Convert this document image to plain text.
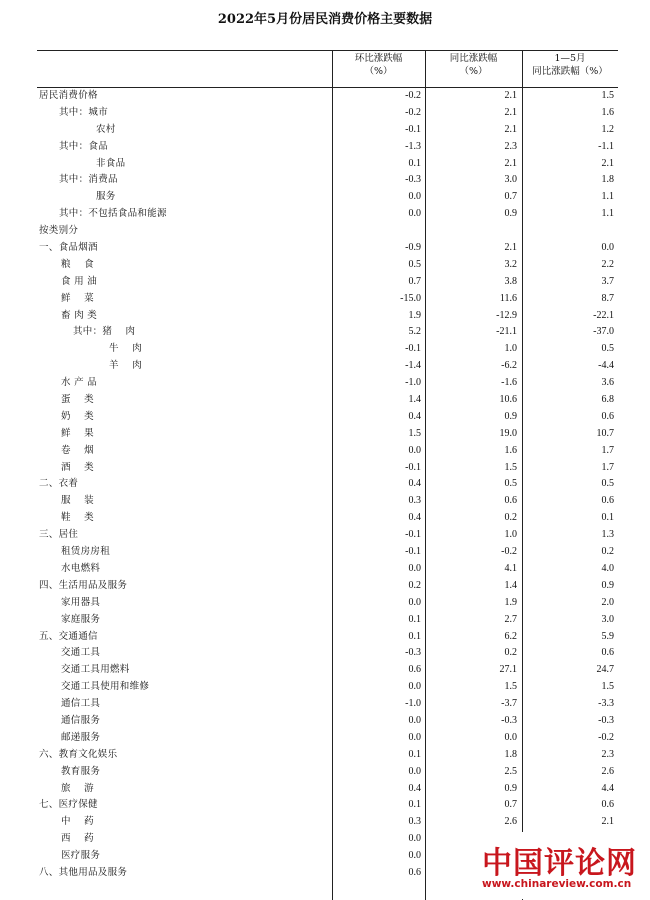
2022年5月份居民消费价格主要数据
环比涨跌幅
（%）
同比涨跌幅
（%）
1—5月
同比涨跌幅（%）
居民消费价格	-0.2	2.1	1.5
其中：城市	-0.2	2.1	1.6
农村	-0.1	2.1	1.2
其中：食品	-1.3	2.3	-1.1
非食品	0.1	2.1	2.1
其中：消费品	-0.3	3.0	1.8
服务	0.0	0.7	1.1
其中：不包括食品和能源	0.0	0.9	1.1
按类别分
一、食品烟酒	-0.9	2.1	0.0
粮    食	0.5	3.2	2.2
食 用 油	0.7	3.8	3.7
鲜    菜	-15.0	11.6	8.7
畜 肉 类	1.9	-12.9	-22.1
其中：猪    肉	5.2	-21.1	-37.0
牛    肉	-0.1	1.0	0.5
羊    肉	-1.4	-6.2	-4.4
水 产 品	-1.0	-1.6	3.6
蛋    类	1.4	10.6	6.8
奶    类	0.4	0.9	0.6
鲜    果	1.5	19.0	10.7
卷    烟	0.0	1.6	1.7
酒    类	-0.1	1.5	1.7
二、衣着	0.4	0.5	0.5
服    装	0.3	0.6	0.6
鞋    类	0.4	0.2	0.1
三、居住	-0.1	1.0	1.3
租赁房房租	-0.1	-0.2	0.2
水电燃料	0.0	4.1	4.0
四、生活用品及服务	0.2	1.4	0.9
家用器具	0.0	1.9	2.0
家庭服务	0.1	2.7	3.0
五、交通通信	0.1	6.2	5.9
交通工具	-0.3	0.2	0.6
交通工具用燃料	0.6	27.1	24.7
交通工具使用和维修	0.0	1.5	1.5
通信工具	-1.0	-3.7	-3.3
通信服务	0.0	-0.3	-0.3
邮递服务	0.0	0.0	-0.2
六、教育文化娱乐	0.1	1.8	2.3
教育服务	0.0	2.5	2.6
旅    游	0.4	0.9	4.4
七、医疗保健	0.1	0.7	0.6
中    药	0.3	2.6	2.1
西    药	0.0
医疗服务	0.0
八、其他用品及服务	0.6 中国评论网
www.chinareview.com.cn
